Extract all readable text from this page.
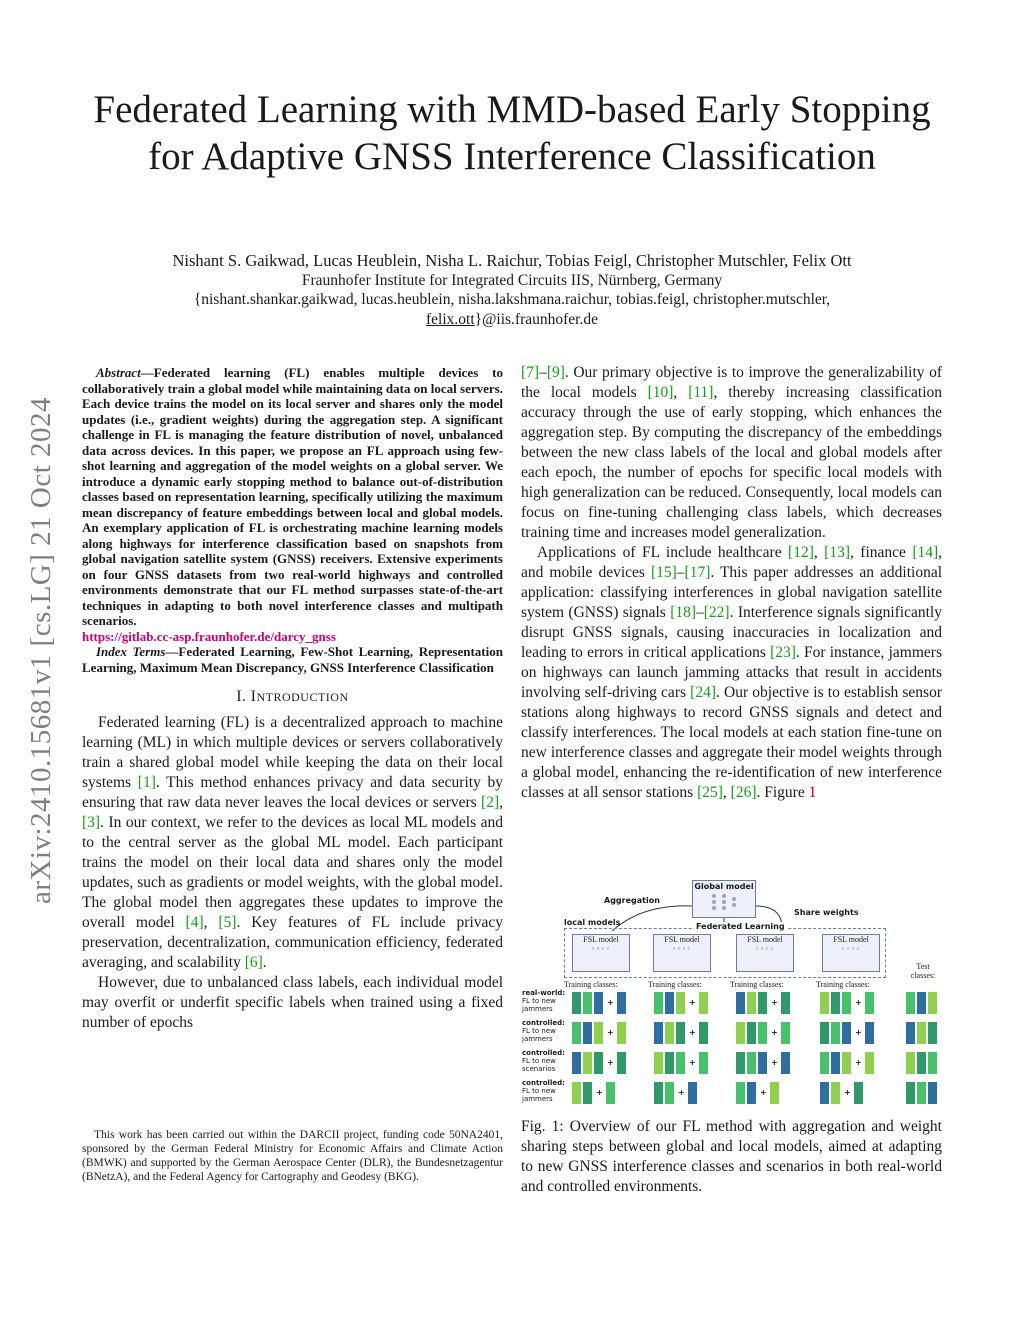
arXiv:2410.15681v1 [cs.LG] 21 Oct 2024
Federated Learning with MMD-based Early Stopping for Adaptive GNSS Interference Classification
Nishant S. Gaikwad, Lucas Heublein, Nisha L. Raichur, Tobias Feigl, Christopher Mutschler, Felix Ott
Fraunhofer Institute for Integrated Circuits IIS, Nürnberg, Germany
{nishant.shankar.gaikwad, lucas.heublein, nisha.lakshmana.raichur, tobias.feigl, christopher.mutschler,
felix.ott}@iis.fraunhofer.de
Abstract—Federated learning (FL) enables multiple devices to collaboratively train a global model while maintaining data on local servers. Each device trains the model on its local server and shares only the model updates (i.e., gradient weights) during the aggregation step. A significant challenge in FL is managing the feature distribution of novel, unbalanced data across devices. In this paper, we propose an FL approach using few-shot learning and aggregation of the model weights on a global server. We introduce a dynamic early stopping method to balance out-of-distribution classes based on representation learning, specifically utilizing the maximum mean discrepancy of feature embeddings between local and global models. An exemplary application of FL is orchestrating machine learning models along highways for interference classification based on snapshots from global navigation satellite system (GNSS) receivers. Extensive experiments on four GNSS datasets from two real-world highways and controlled environments demonstrate that our FL method surpasses state-of-the-art techniques in adapting to both novel interference classes and multipath scenarios.
https://gitlab.cc-asp.fraunhofer.de/darcy_gnss
Index Terms—Federated Learning, Few-Shot Learning, Representation Learning, Maximum Mean Discrepancy, GNSS Interference Classification
I. INTRODUCTION

Federated learning (FL) is a decentralized approach to machine learning (ML) in which multiple devices or servers collaboratively train a shared global model while keeping the data on their local systems [1]. This method enhances privacy and data security by ensuring that raw data never leaves the local devices or servers [2], [3]. In our context, we refer to the devices as local ML models and to the central server as the global ML model. Each participant trains the model on their local data and shares only the model updates, such as gradients or model weights, with the global model. The global model then aggregates these updates to improve the overall model [4], [5]. Key features of FL include privacy preservation, decentralization, communication efficiency, federated averaging, and scalability [6].

However, due to unbalanced class labels, each individual model may overfit or underfit specific labels when trained using a fixed number of epochs

This work has been carried out within the DARCII project, funding code 50NA2401, sponsored by the German Federal Ministry for Economic Affairs and Climate Action (BMWK) and supported by the German Aerospace Center (DLR), the Bundesnetzagentur (BNetzA), and the Federal Agency for Cartography and Geodesy (BKG).

[7]–[9]. Our primary objective is to improve the generalizability of the local models [10], [11], thereby increasing classification accuracy through the use of early stopping, which enhances the aggregation step. By computing the discrepancy of the embeddings between the new class labels of the local and global models after each epoch, the number of epochs for specific local models with high generalization can be reduced. Consequently, local models can focus on fine-tuning challenging class labels, which decreases training time and increases model generalization.

Applications of FL include healthcare [12], [13], finance [14], and mobile devices [15]–[17]. This paper addresses an additional application: classifying interferences in global navigation satellite system (GNSS) signals [18]–[22]. Interference signals significantly disrupt GNSS signals, causing inaccuracies in localization and leading to errors in critical applications [23]. For instance, jammers on highways can launch jamming attacks that result in accidents involving self-driving cars [24]. Our objective is to establish sensor stations along highways to record GNSS signals and detect and classify interferences. The local models at each station fine-tune on new interference classes and aggregate their model weights through a global model, enhancing the re-identification of new interference classes at all sensor stations [25], [26]. Figure 1

Global model
Aggregation
Share weights
local models	Federated Learning
FSL model
∘∘∘∘
FSL model
∘∘∘∘
FSL model
∘∘∘∘
FSL model
∘∘∘∘
Training classes:	Training classes:	Training classes:	Training classes:
Test classes:
real-world:
FL to new jammers
controlled:
FL to new jammers
controlled:
FL to new scenarios
controlled:
FL to new jammers
+	+	+	+
+	+	+	+
+	+	+	+
+	+	+	+
Fig. 1: Overview of our FL method with aggregation and weight sharing steps between global and local models, aimed at adapting to new GNSS interference classes and scenarios in both real-world and controlled environments.
